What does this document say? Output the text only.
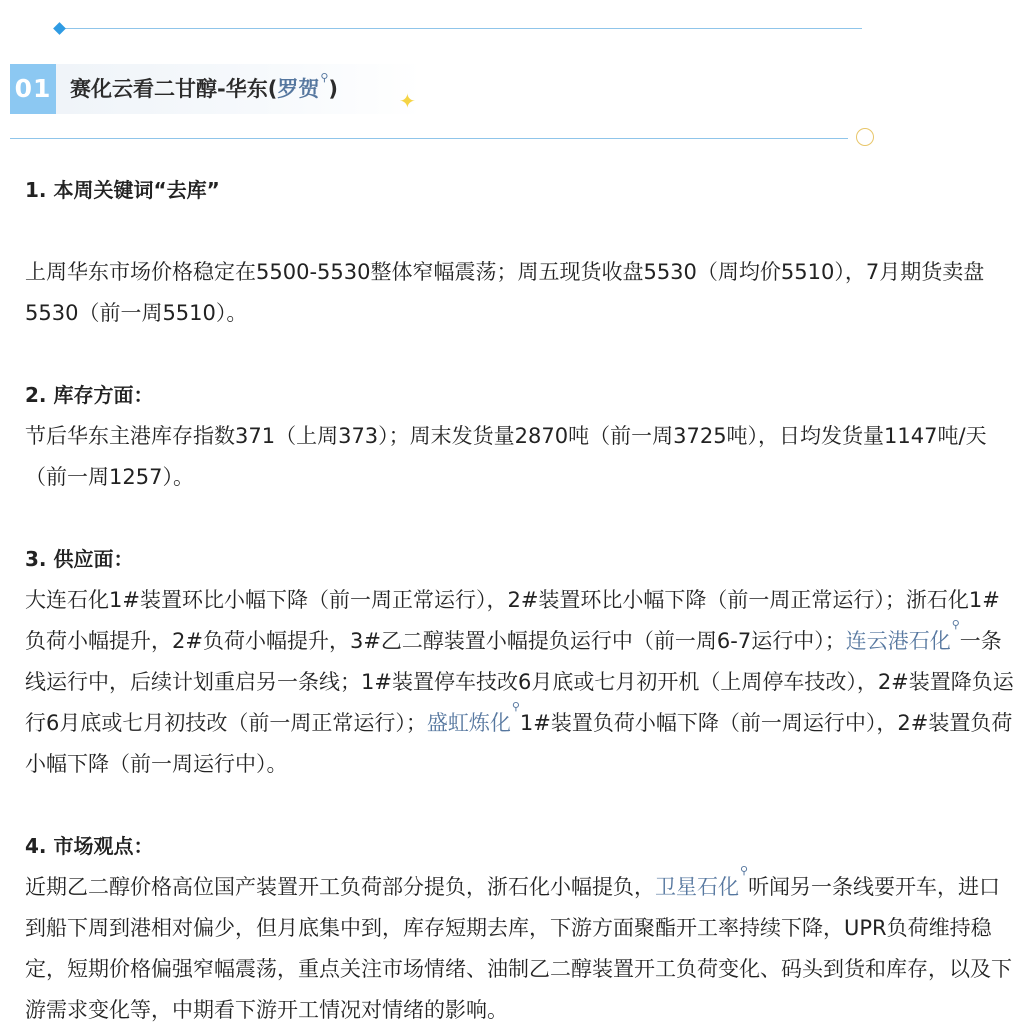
01 赛化云看二甘醇-华东(罗贺⚲)	✦

1. 本周关键词“去库”

上周华东市场价格稳定在5500-5530整体窄幅震荡；周五现货收盘5530（周均价5510），7月期货卖盘5530（前一周5510）。

2. 库存方面：

节后华东主港库存指数371（上周373）；周末发货量2870吨（前一周3725吨），日均发货量1147吨/天（前一周1257）。

3. 供应面：

大连石化1#装置环比小幅下降（前一周正常运行），2#装置环比小幅下降（前一周正常运行）；浙石化1#负荷小幅提升，2#负荷小幅提升，3#乙二醇装置小幅提负运行中（前一周6-7运行中）；连云港石化⚲一条线运行中，后续计划重启另一条线；1#装置停车技改6月底或七月初开机（上周停车技改），2#装置降负运行6月底或七月初技改（前一周正常运行）；盛虹炼化⚲1#装置负荷小幅下降（前一周运行中），2#装置负荷小幅下降（前一周运行中）。

4. 市场观点：

近期乙二醇价格高位国产装置开工负荷部分提负，浙石化小幅提负，卫星石化⚲听闻另一条线要开车，进口到船下周到港相对偏少，但月底集中到，库存短期去库，下游方面聚酯开工率持续下降，UPR负荷维持稳定，短期价格偏强窄幅震荡，重点关注市场情绪、油制乙二醇装置开工负荷变化、码头到货和库存，以及下游需求变化等，中期看下游开工情况对情绪的影响。
